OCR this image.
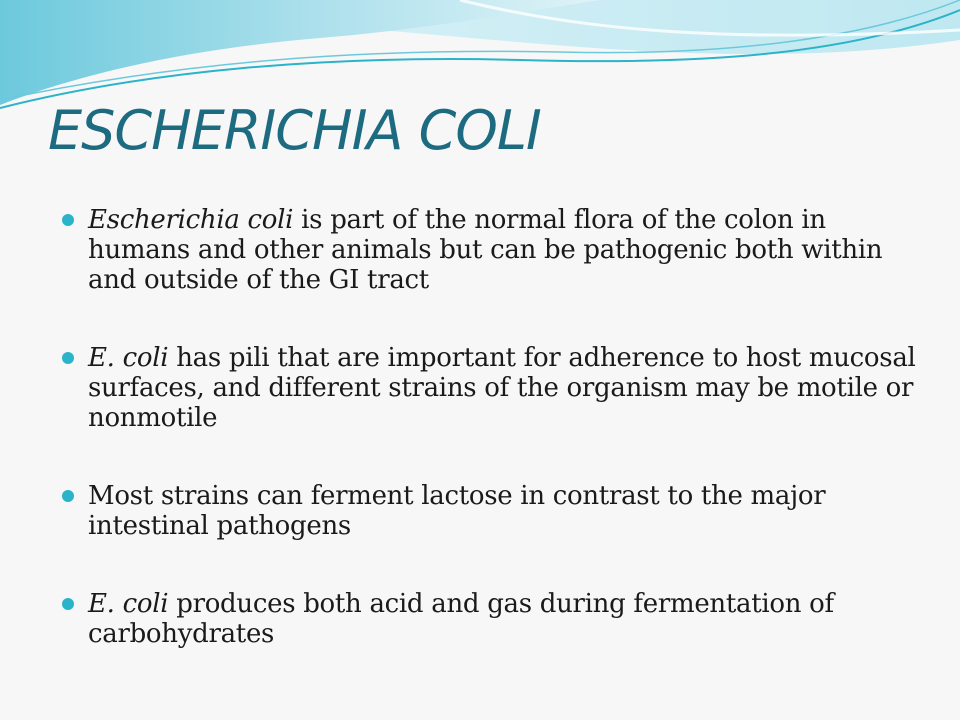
ESCHERICHIA COLI
Escherichia coli is part of the normal flora of the colon in humans and other animals but can be pathogenic both within and outside of the GI tract
E. coli has pili that are important for adherence to host mucosal surfaces, and different strains of the organism may be motile or nonmotile
Most strains can ferment lactose in contrast to the major intestinal pathogens
E. coli produces both acid and gas during fermentation of carbohydrates
